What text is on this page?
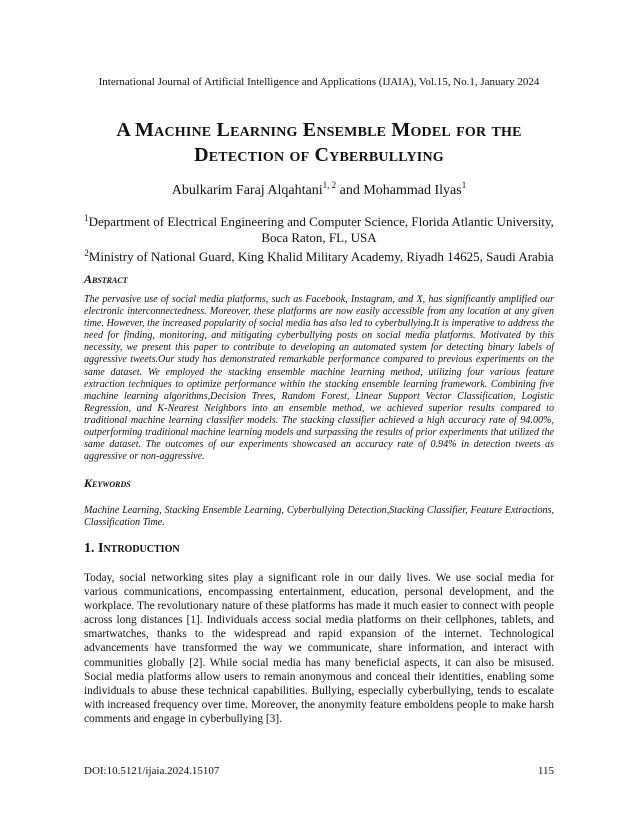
International Journal of Artificial Intelligence and Applications (IJAIA), Vol.15, No.1, January 2024
A Machine Learning Ensemble Model for the
Detection of Cyberbullying
Abulkarim Faraj Alqahtani$^{1, 2}$ and Mohammad Ilyas$^1$
$^1$Department of Electrical Engineering and Computer Science, Florida Atlantic University,
Boca Raton, FL, USA
$^2$Ministry of National Guard, King Khalid Military Academy, Riyadh 14625, Saudi Arabia
Abstract
The pervasive use of social media platforms, such as Facebook, Instagram, and X, has significantly amplified our electronic interconnectedness. Moreover, these platforms are now easily accessible from any location at any given time. However, the increased popularity of social media has also led to cyberbullying.It is imperative to address the need for finding, monitoring, and mitigating cyberbullying posts on social media platforms. Motivated by this necessity, we present this paper to contribute to developing an automated system for detecting binary labels of aggressive tweets.Our study has demonstrated remarkable performance compared to previous experiments on the same dataset. We employed the stacking ensemble machine learning method, utilizing four various feature extraction techniques to optimize performance within the stacking ensemble learning framework. Combining five machine learning algorithms,Decision Trees, Random Forest, Linear Support Vector Classification, Logistic Regression, and K-Nearest Neighbors into an ensemble method, we achieved superior results compared to traditional machine learning classifier models. The stacking classifier achieved a high accuracy rate of 94.00%, outperforming traditional machine learning models and surpassing the results of prior experiments that utilized the same dataset. The outcomes of our experiments showcased an accuracy rate of 0.94% in detection tweets as aggressive or non-aggressive.
Keywords
Machine Learning, Stacking Ensemble Learning, Cyberbullying Detection,Stacking Classifier, Feature Extractions, Classification Time.
1. Introduction
Today, social networking sites play a significant role in our daily lives. We use social media for various communications, encompassing entertainment, education, personal development, and the workplace. The revolutionary nature of these platforms has made it much easier to connect with people across long distances [1]. Individuals access social media platforms on their cellphones, tablets, and smartwatches, thanks to the widespread and rapid expansion of the internet. Technological advancements have transformed the way we communicate, share information, and interact with communities globally [2]. While social media has many beneficial aspects, it can also be misused. Social media platforms allow users to remain anonymous and conceal their identities, enabling some individuals to abuse these technical capabilities. Bullying, especially cyberbullying, tends to escalate with increased frequency over time. Moreover, the anonymity feature emboldens people to make harsh comments and engage in cyberbullying [3].
DOI:10.5121/ijaia.2024.15107	115
